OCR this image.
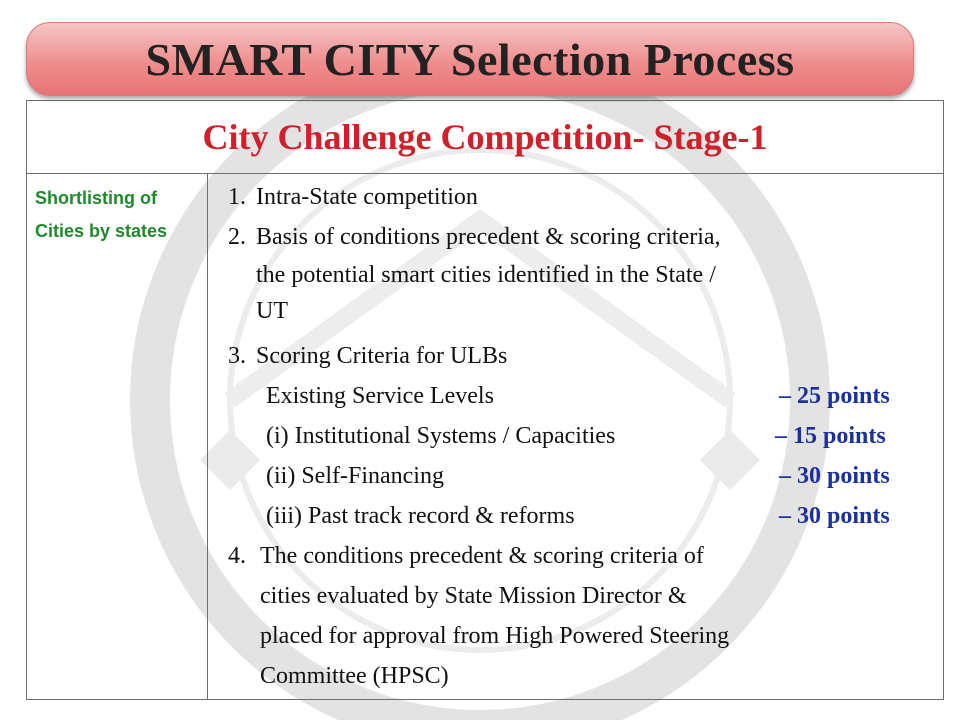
SMART CITY Selection Process
City Challenge Competition- Stage-1
Shortlisting of Cities by states
1. Intra-State competition
2. Basis of conditions precedent & scoring criteria,
the potential smart cities identified in the State /
UT
3. Scoring Criteria for ULBs
Existing Service Levels	– 25 points
(i) Institutional Systems / Capacities	– 15 points
(ii) Self-Financing	– 30 points
(iii) Past track record & reforms	– 30 points
4. The conditions precedent & scoring criteria of
cities evaluated by State Mission Director &
placed for approval from High Powered Steering
Committee (HPSC)
